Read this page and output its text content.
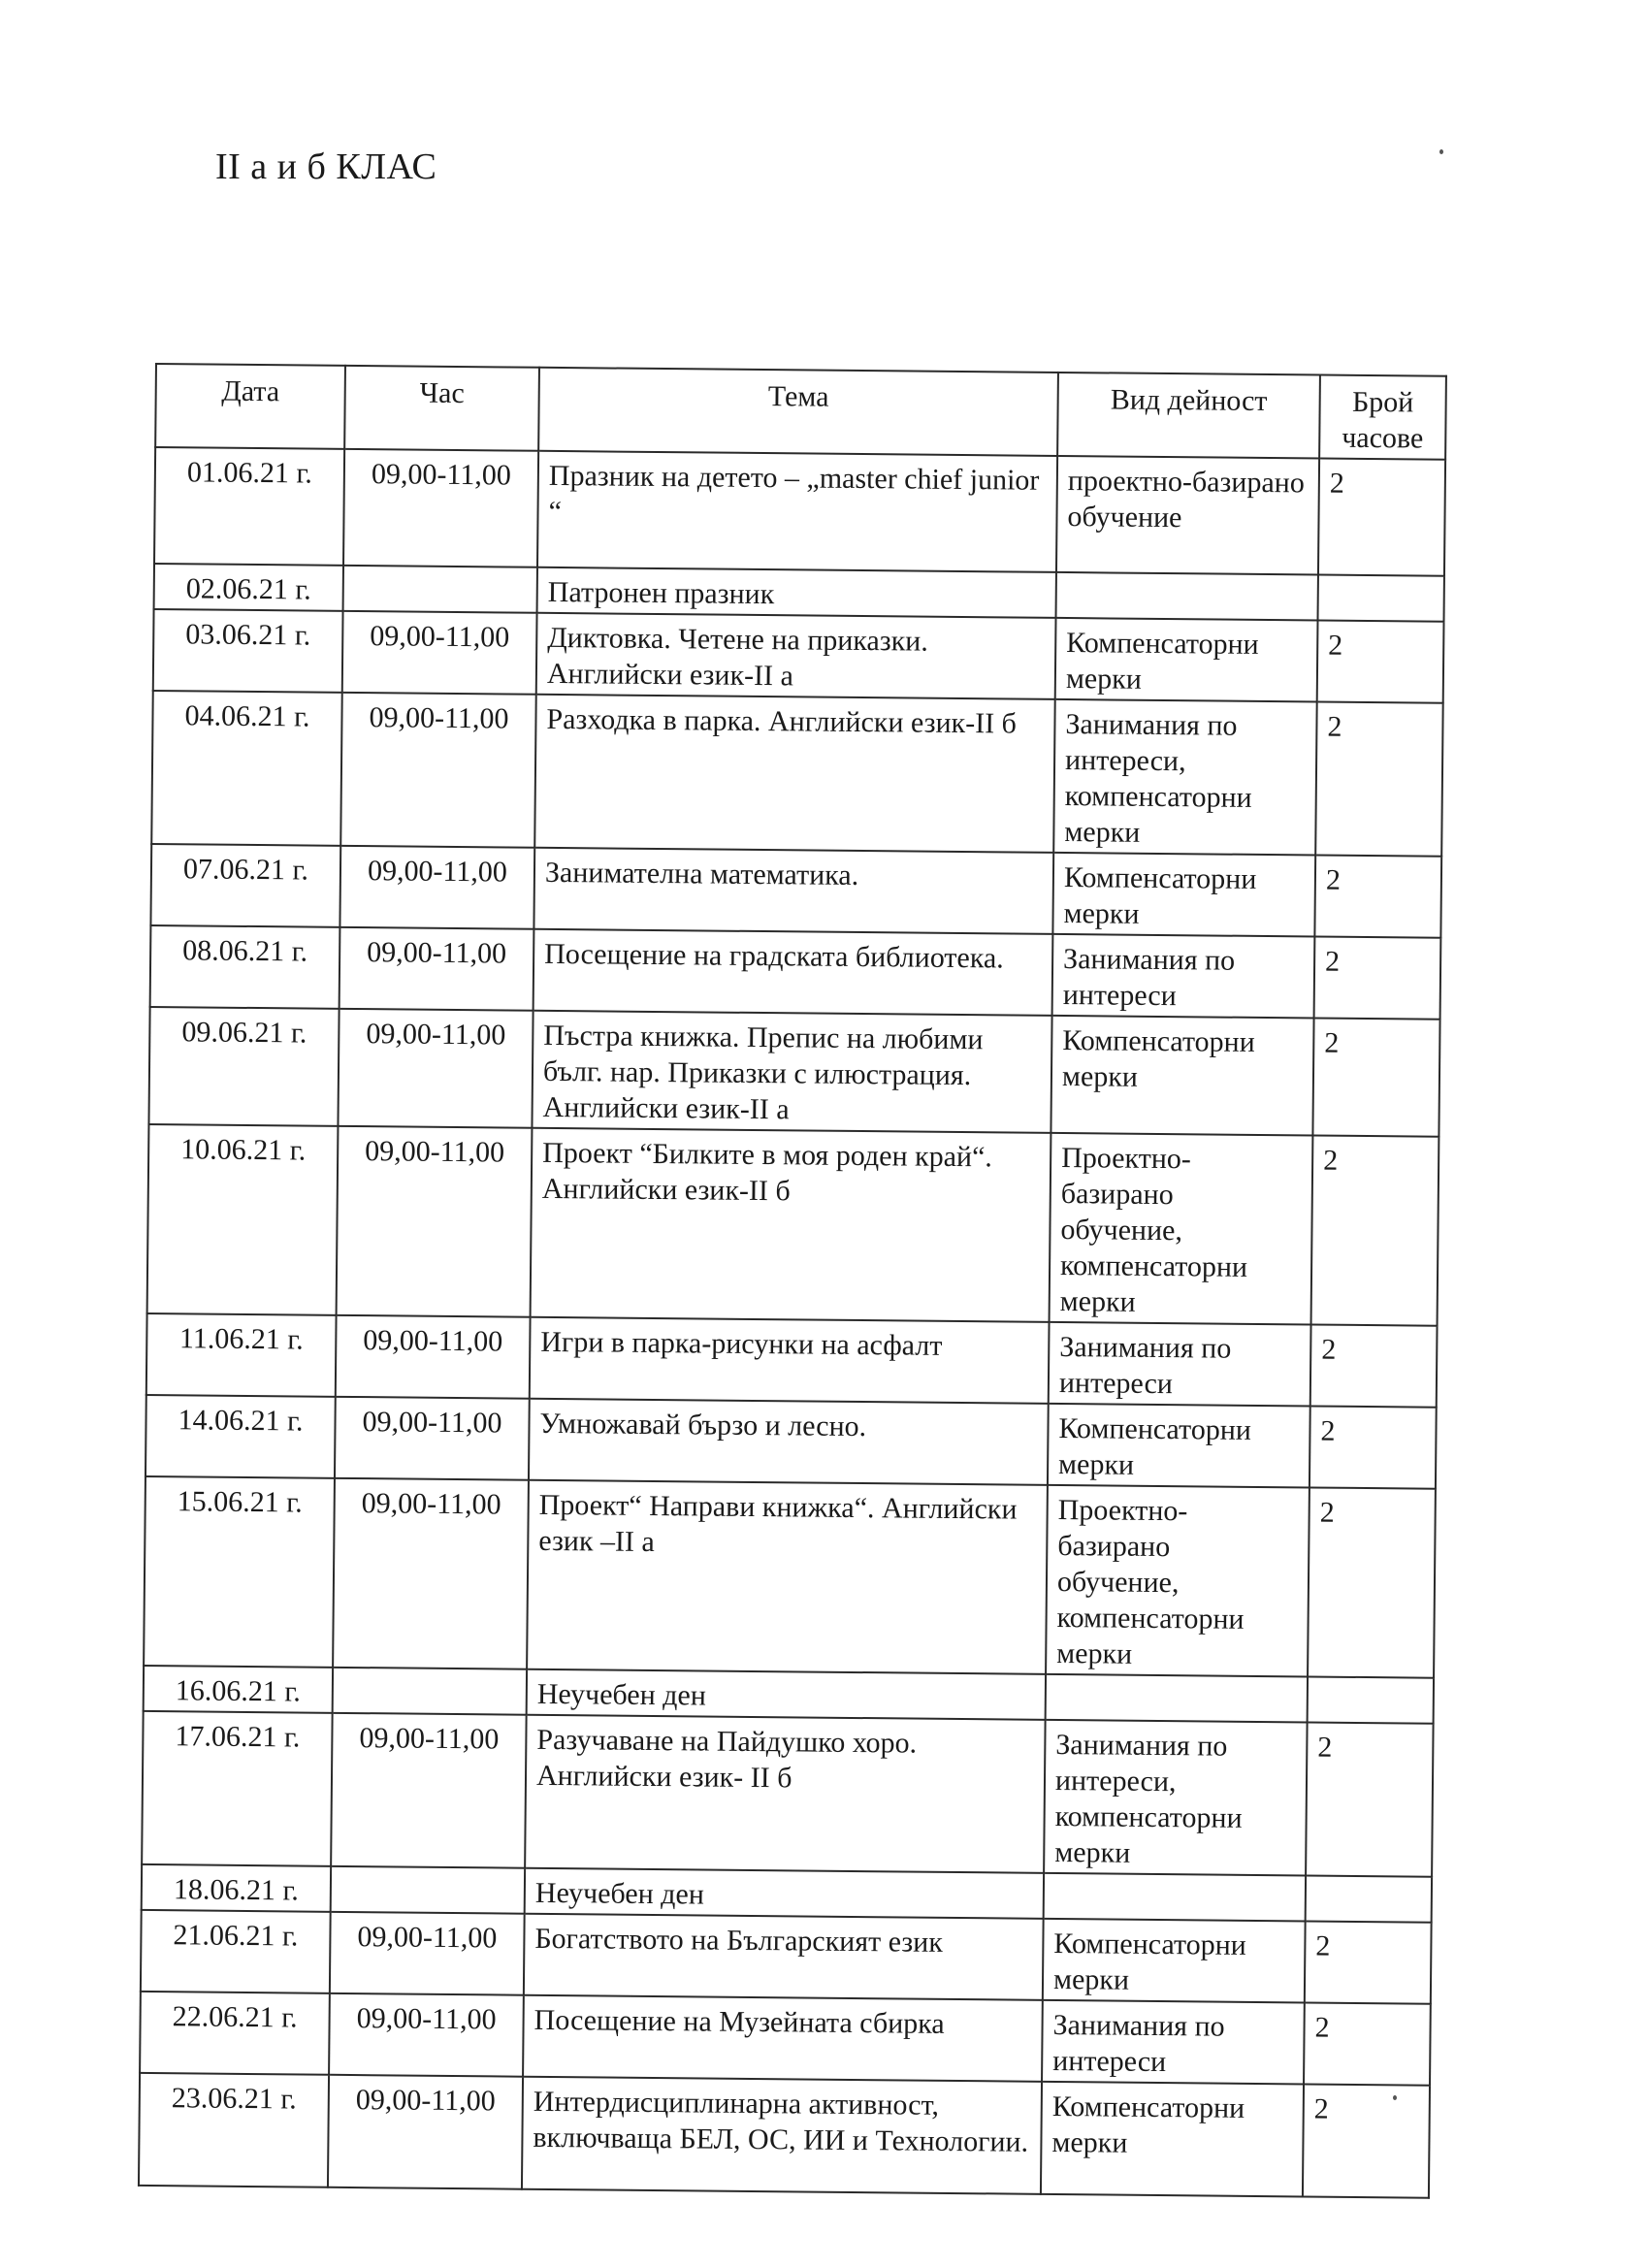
II а и б КЛАС
Дата	Час	Тема	Вид дейност	Брой часове
01.06.21 г.	09,00-11,00	Празник на детето – „master chief junior “	проектно-базирано обучение	2
02.06.21 г.		Патронен празник		
03.06.21 г.	09,00-11,00	Диктовка. Четене на приказки. Английски език-II а	Компенсаторни мерки	2
04.06.21 г.	09,00-11,00	Разходка в парка. Английски език-II б	Занимания по интереси, компенсаторни мерки	2
07.06.21 г.	09,00-11,00	Занимателна математика.	Компенсаторни мерки	2
08.06.21 г.	09,00-11,00	Посещение на градската библиотека.	Занимания по интереси	2
09.06.21 г.	09,00-11,00	Пъстра книжка. Препис на любими бълг. нар. Приказки с илюстрация. Английски език-II а	Компенсаторни мерки	2
10.06.21 г.	09,00-11,00	Проект “Билките в моя роден край“. Английски език-II б	Проектно-базирано обучение, компенсаторни мерки	2
11.06.21 г.	09,00-11,00	Игри в парка-рисунки на асфалт	Занимания по интереси	2
14.06.21 г.	09,00-11,00	Умножавай бързо и лесно.	Компенсаторни мерки	2
15.06.21 г.	09,00-11,00	Проект“ Направи книжка“. Английски език –II а	Проектно-базирано обучение, компенсаторни мерки	2
16.06.21 г.		Неучебен ден		
17.06.21 г.	09,00-11,00	Разучаване на Пайдушко хоро. Английски език- II б	Занимания по интереси, компенсаторни мерки	2
18.06.21 г.		Неучебен ден		
21.06.21 г.	09,00-11,00	Богатството на Българският език	Компенсаторни мерки	2
22.06.21 г.	09,00-11,00	Посещение на Музейната сбирка	Занимания по интереси	2
23.06.21 г.	09,00-11,00	Интердисциплинарна активност, включваща БЕЛ, ОС, ИИ и Технологии.	Компенсаторни мерки	2
